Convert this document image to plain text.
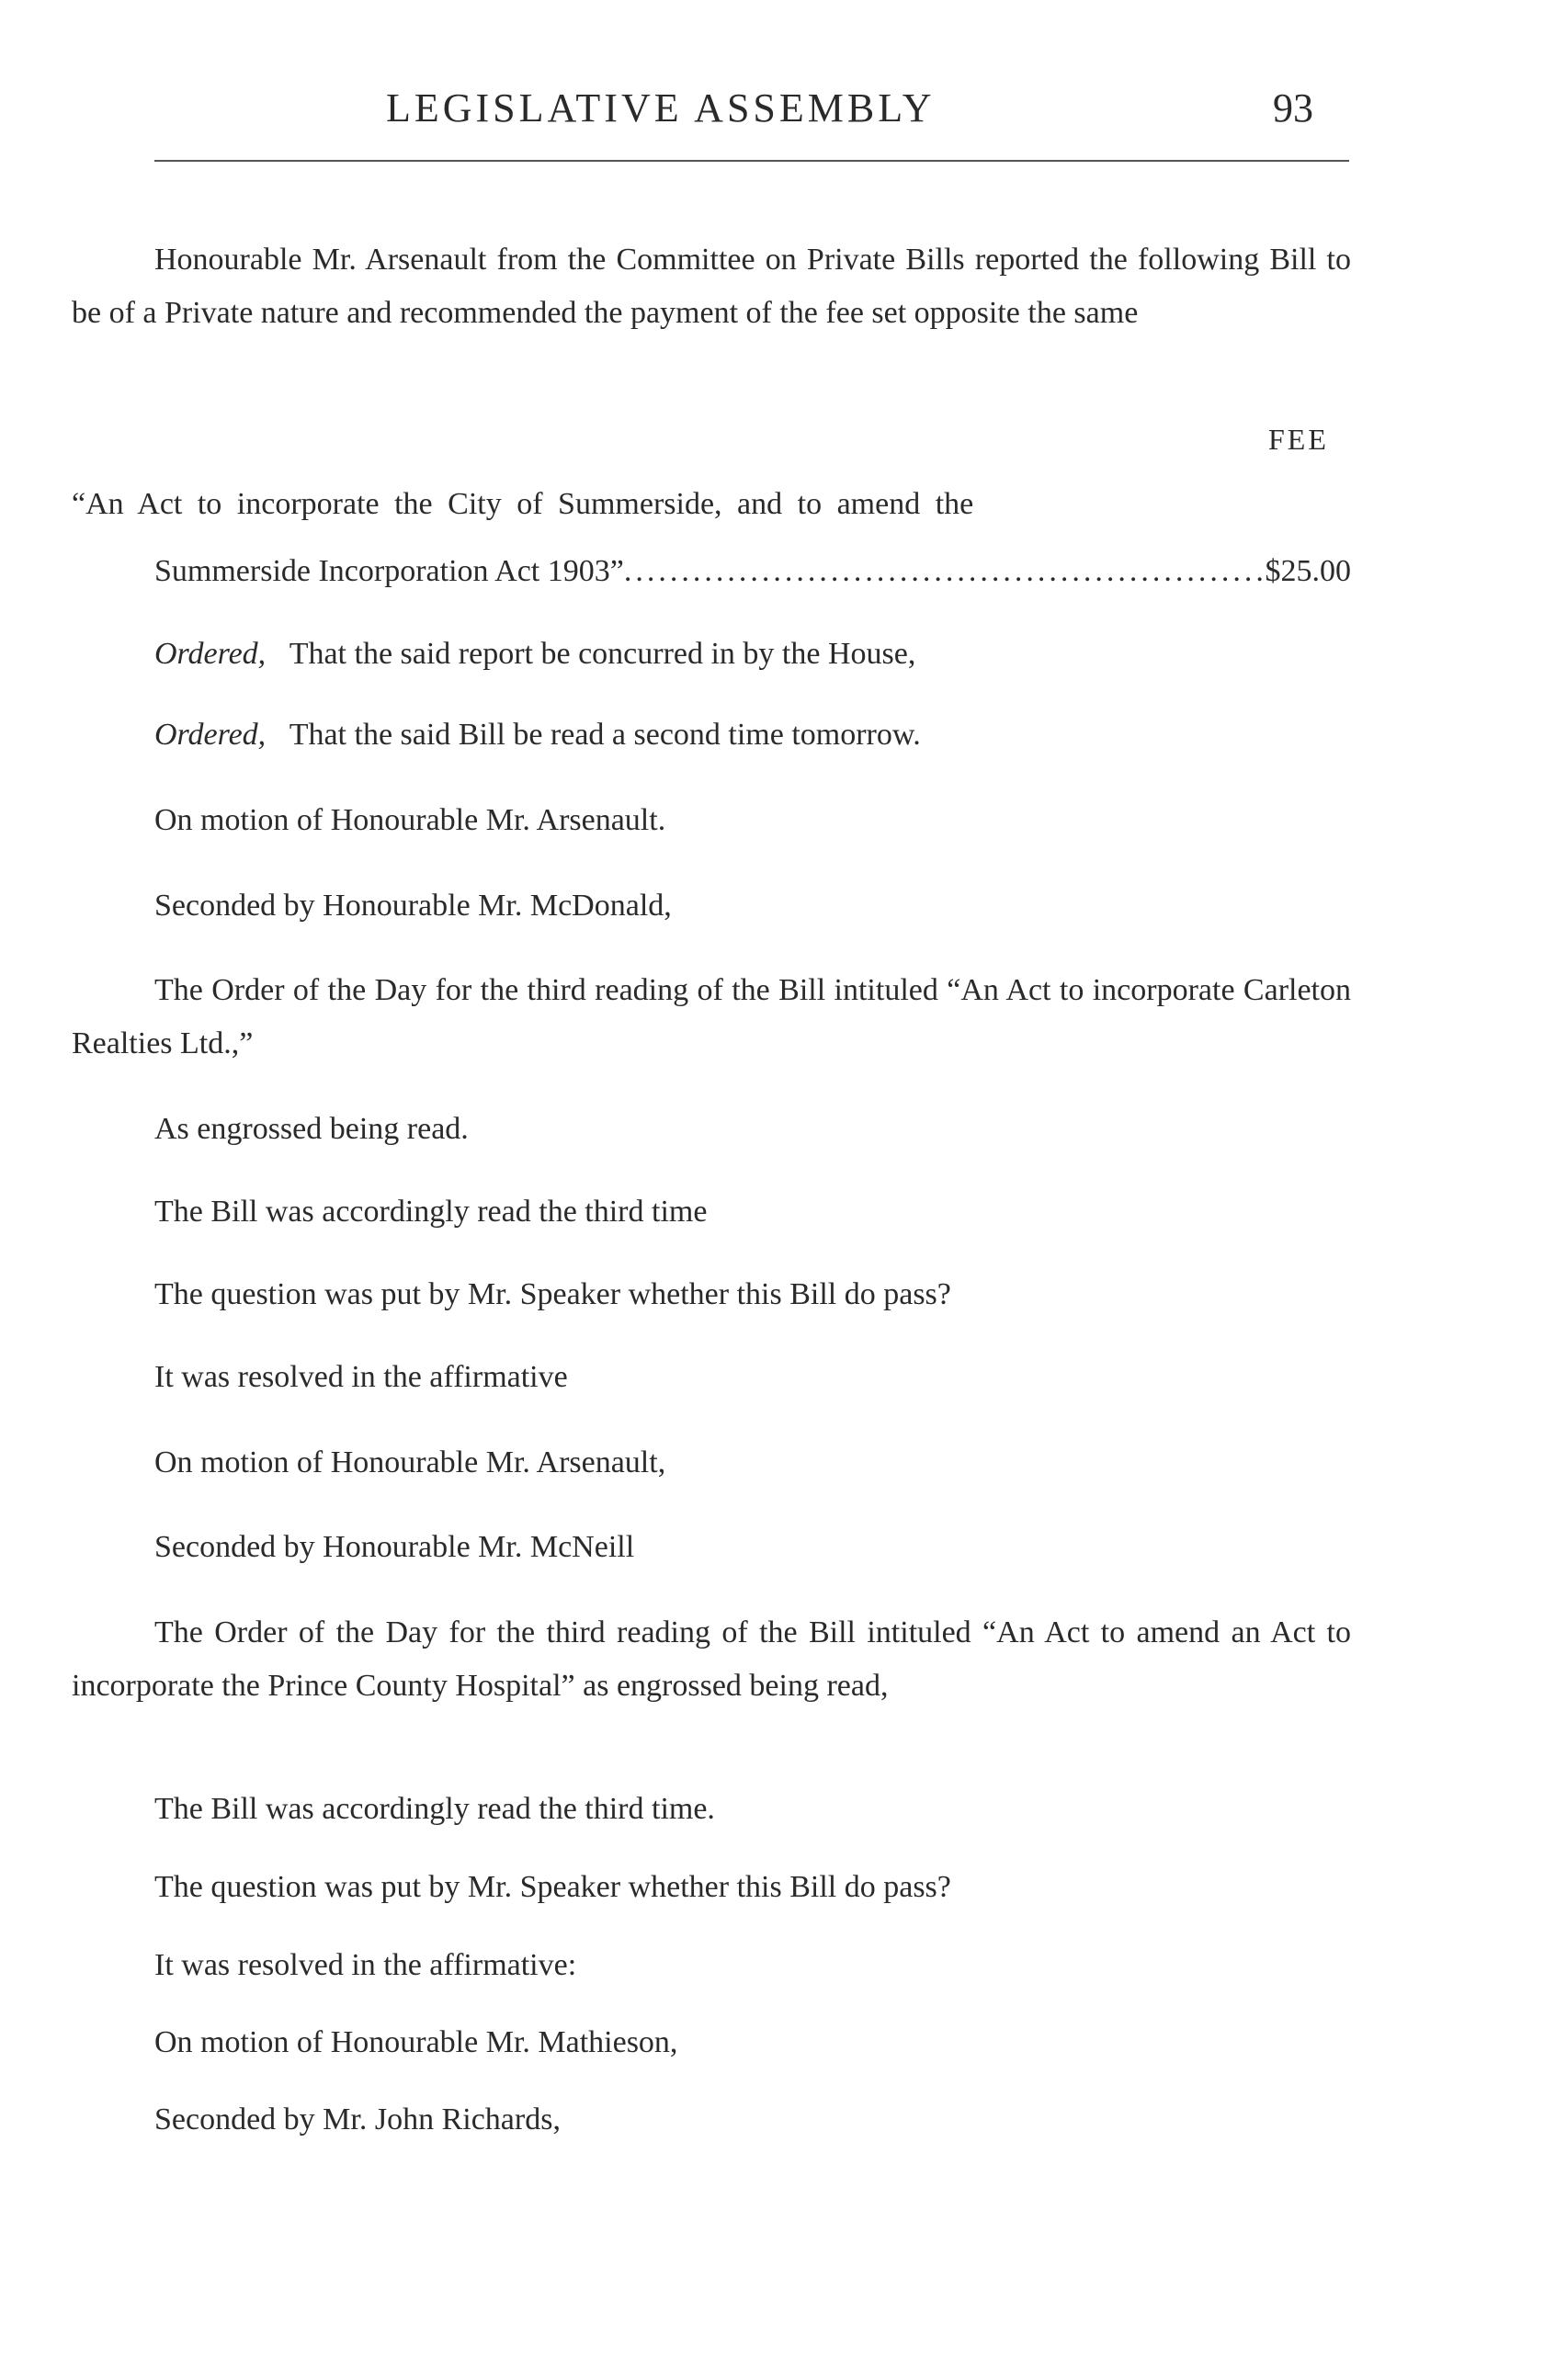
LEGISLATIVE ASSEMBLY	93

Honourable Mr. Arsenault from the Committee on Private Bills reported the following Bill to be of a Private nature and recommended the payment of the fee set opposite the same

FEE
“An Act to incorporate the City of Summerside, and to amend the
Summerside Incorporation Act 1903”
.....	$25.00
Ordered, That the said report be concurred in by the House,
Ordered, That the said Bill be read a second time tomorrow.
On motion of Honourable Mr. Arsenault.
Seconded by Honourable Mr. McDonald,

The Order of the Day for the third reading of the Bill intituled “An Act to incorporate Carleton Realties Ltd.,”

As engrossed being read.
The Bill was accordingly read the third time
The question was put by Mr. Speaker whether this Bill do pass?
It was resolved in the affirmative
On motion of Honourable Mr. Arsenault,
Seconded by Honourable Mr. McNeill

The Order of the Day for the third reading of the Bill intituled “An Act to amend an Act to incorporate the Prince County Hospital” as engrossed being read,

The Bill was accordingly read the third time.
The question was put by Mr. Speaker whether this Bill do pass?
It was resolved in the affirmative:
On motion of Honourable Mr. Mathieson,
Seconded by Mr. John Richards,
